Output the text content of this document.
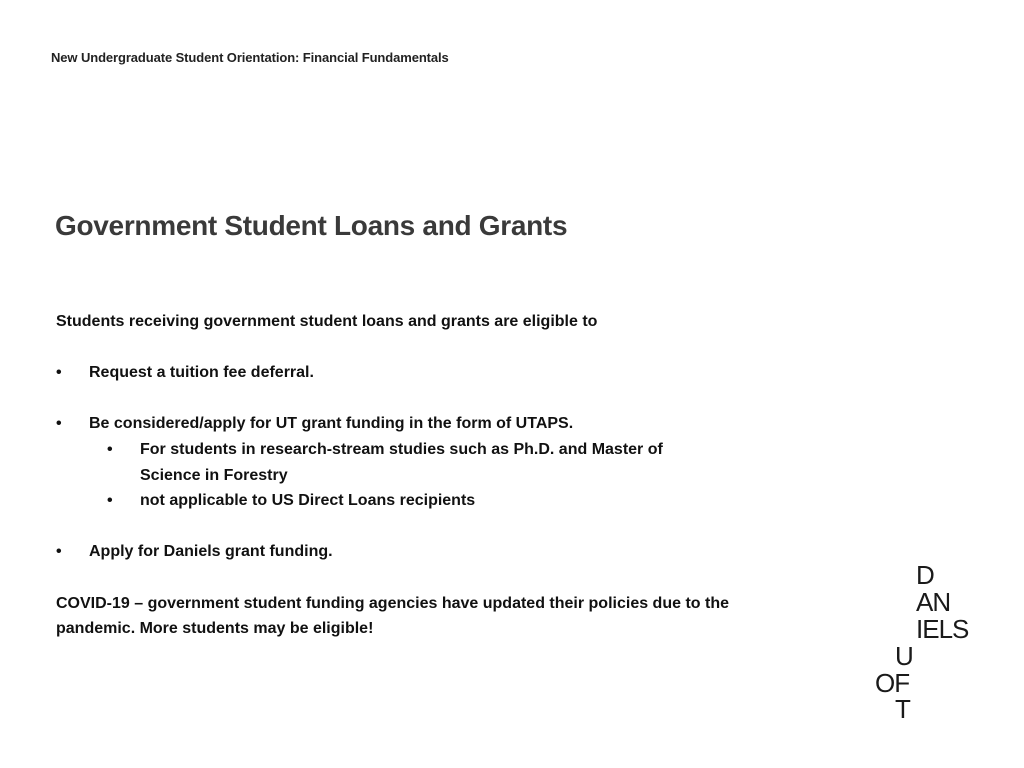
New Undergraduate Student Orientation: Financial Fundamentals
Government Student Loans and Grants

Students receiving government student loans and grants are eligible to

• Request a tuition fee deferral.

• Be considered/apply for UT grant funding in the form of UTAPS.

• For students in research-stream studies such as Ph.D. and Master of Science in Forestry

• not applicable to US Direct Loans recipients

• Apply for Daniels grant funding.

COVID-19 – government student funding agencies have updated their policies due to the pandemic. More students may be eligible!

D
AN
IELS
U
OF
T
